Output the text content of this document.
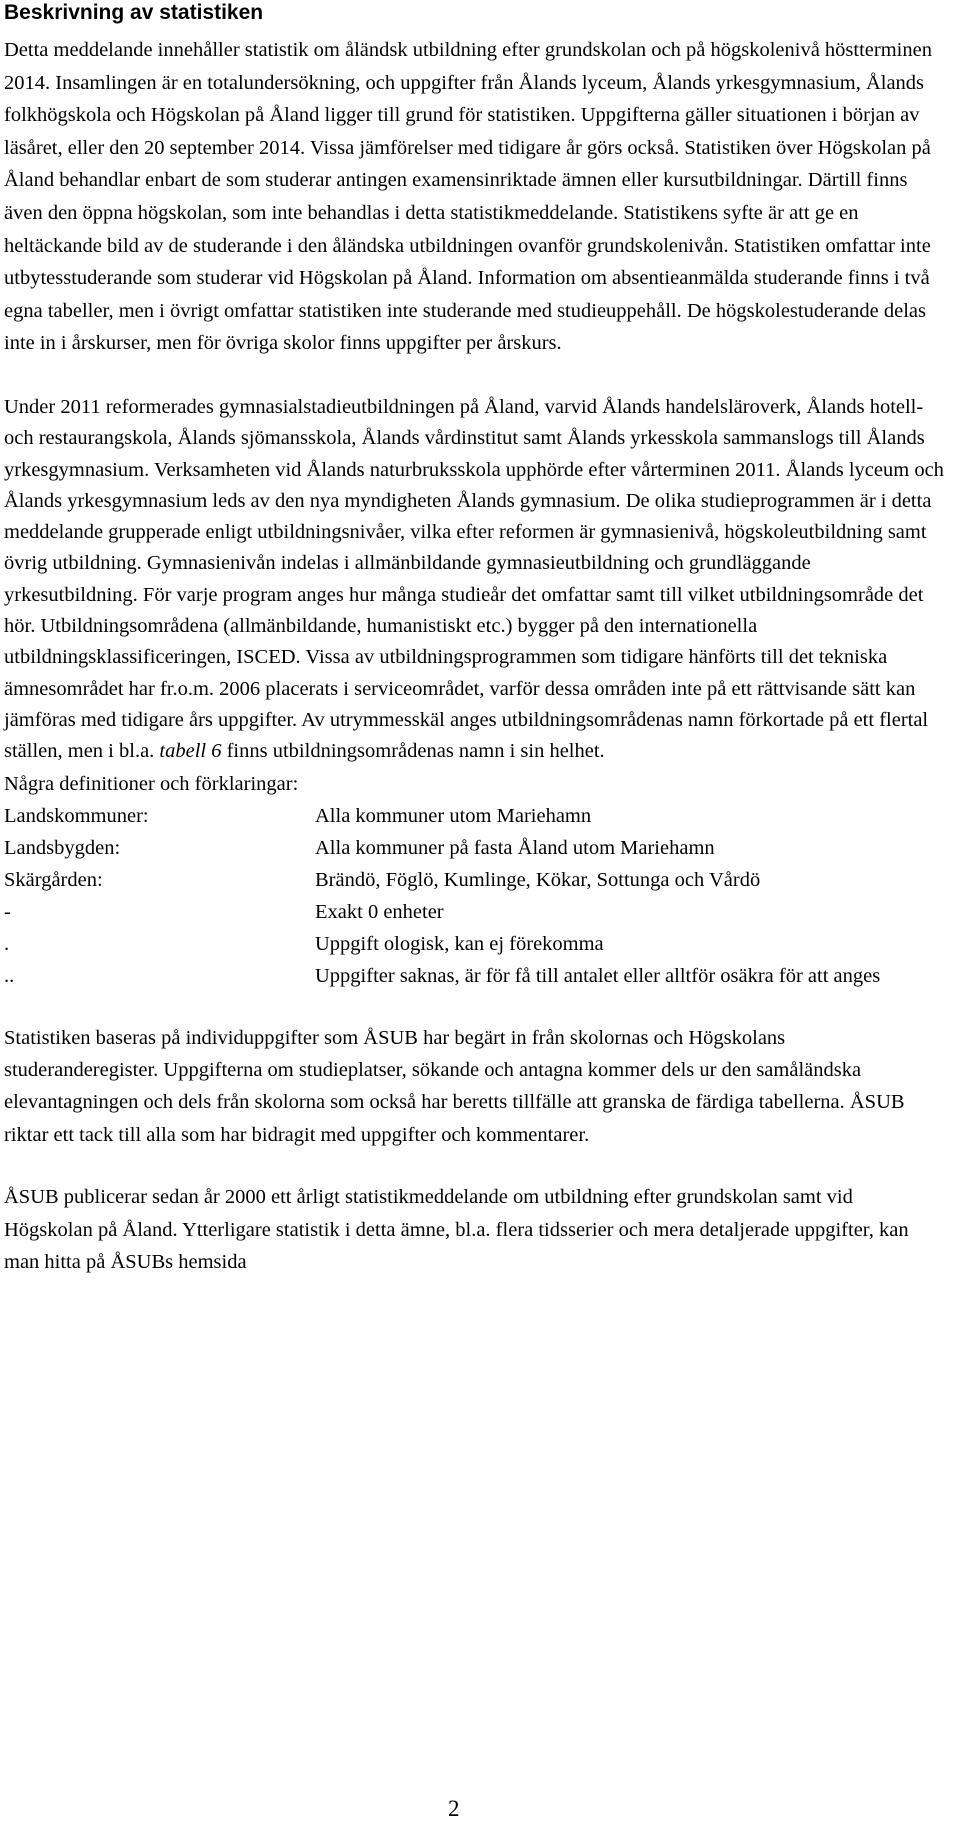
Beskrivning av statistiken

Detta meddelande innehåller statistik om åländsk utbildning efter grundskolan och på högskolenivå höstterminen 2014. Insamlingen är en totalundersökning, och uppgifter från Ålands lyceum, Ålands yrkesgymnasium, Ålands folkhögskola och Högskolan på Åland ligger till grund för statistiken. Uppgifterna gäller situationen i början av läsåret, eller den 20 september 2014. Vissa jämförelser med tidigare år görs också. Statistiken över Högskolan på Åland behandlar enbart de som studerar antingen examensinriktade ämnen eller kursutbildningar. Därtill finns även den öppna högskolan, som inte behandlas i detta statistikmeddelande. Statistikens syfte är att ge en heltäckande bild av de studerande i den åländska utbildningen ovanför grundskolenivån. Statistiken omfattar inte utbytesstuderande som studerar vid Högskolan på Åland. Information om absentieanmälda studerande finns i två egna tabeller, men i övrigt omfattar statistiken inte studerande med studieuppehåll. De högskolestuderande delas inte in i årskurser, men för övriga skolor finns uppgifter per årskurs.

Under 2011 reformerades gymnasialstadieutbildningen på Åland, varvid Ålands handelsläroverk, Ålands hotell- och restaurangskola, Ålands sjömansskola, Ålands vårdinstitut samt Ålands yrkesskola sammanslogs till Ålands yrkesgymnasium. Verksamheten vid Ålands naturbruksskola upphörde efter vårterminen 2011. Ålands lyceum och Ålands yrkesgymnasium leds av den nya myndigheten Ålands gymnasium. De olika studieprogrammen är i detta meddelande grupperade enligt utbildningsnivåer, vilka efter reformen är gymnasienivå, högskoleutbildning samt övrig utbildning. Gymnasienivån indelas i allmänbildande gymnasieutbildning och grundläggande yrkesutbildning. För varje program anges hur många studieår det omfattar samt till vilket utbildningsområde det hör. Utbildningsområdena (allmänbildande, humanistiskt etc.) bygger på den internationella utbildningsklassificeringen, ISCED. Vissa av utbildningsprogrammen som tidigare hänförts till det tekniska ämnesområdet har fr.o.m. 2006 placerats i serviceområdet, varför dessa områden inte på ett rättvisande sätt kan jämföras med tidigare års uppgifter. Av utrymmesskäl anges utbildningsområdenas namn förkortade på ett flertal ställen, men i bl.a. tabell 6 finns utbildningsområdenas namn i sin helhet.

Några definitioner och förklaringar:
Landskommuner:	Alla kommuner utom Mariehamn
Landsbygden:	Alla kommuner på fasta Åland utom Mariehamn
Skärgården:	Brändö, Föglö, Kumlinge, Kökar, Sottunga och Vårdö
-	Exakt 0 enheter
.	Uppgift ologisk, kan ej förekomma
..	Uppgifter saknas, är för få till antalet eller alltför osäkra för att anges

Statistiken baseras på individuppgifter som ÅSUB har begärt in från skolornas och Högskolans studeranderegister. Uppgifterna om studieplatser, sökande och antagna kommer dels ur den samåländska elevantagningen och dels från skolorna som också har beretts tillfälle att granska de färdiga tabellerna. ÅSUB riktar ett tack till alla som har bidragit med uppgifter och kommentarer.

ÅSUB publicerar sedan år 2000 ett årligt statistikmeddelande om utbildning efter grundskolan samt vid Högskolan på Åland. Ytterligare statistik i detta ämne, bl.a. flera tidsserier och mera detaljerade uppgifter, kan man hitta på ÅSUBs hemsida

2
